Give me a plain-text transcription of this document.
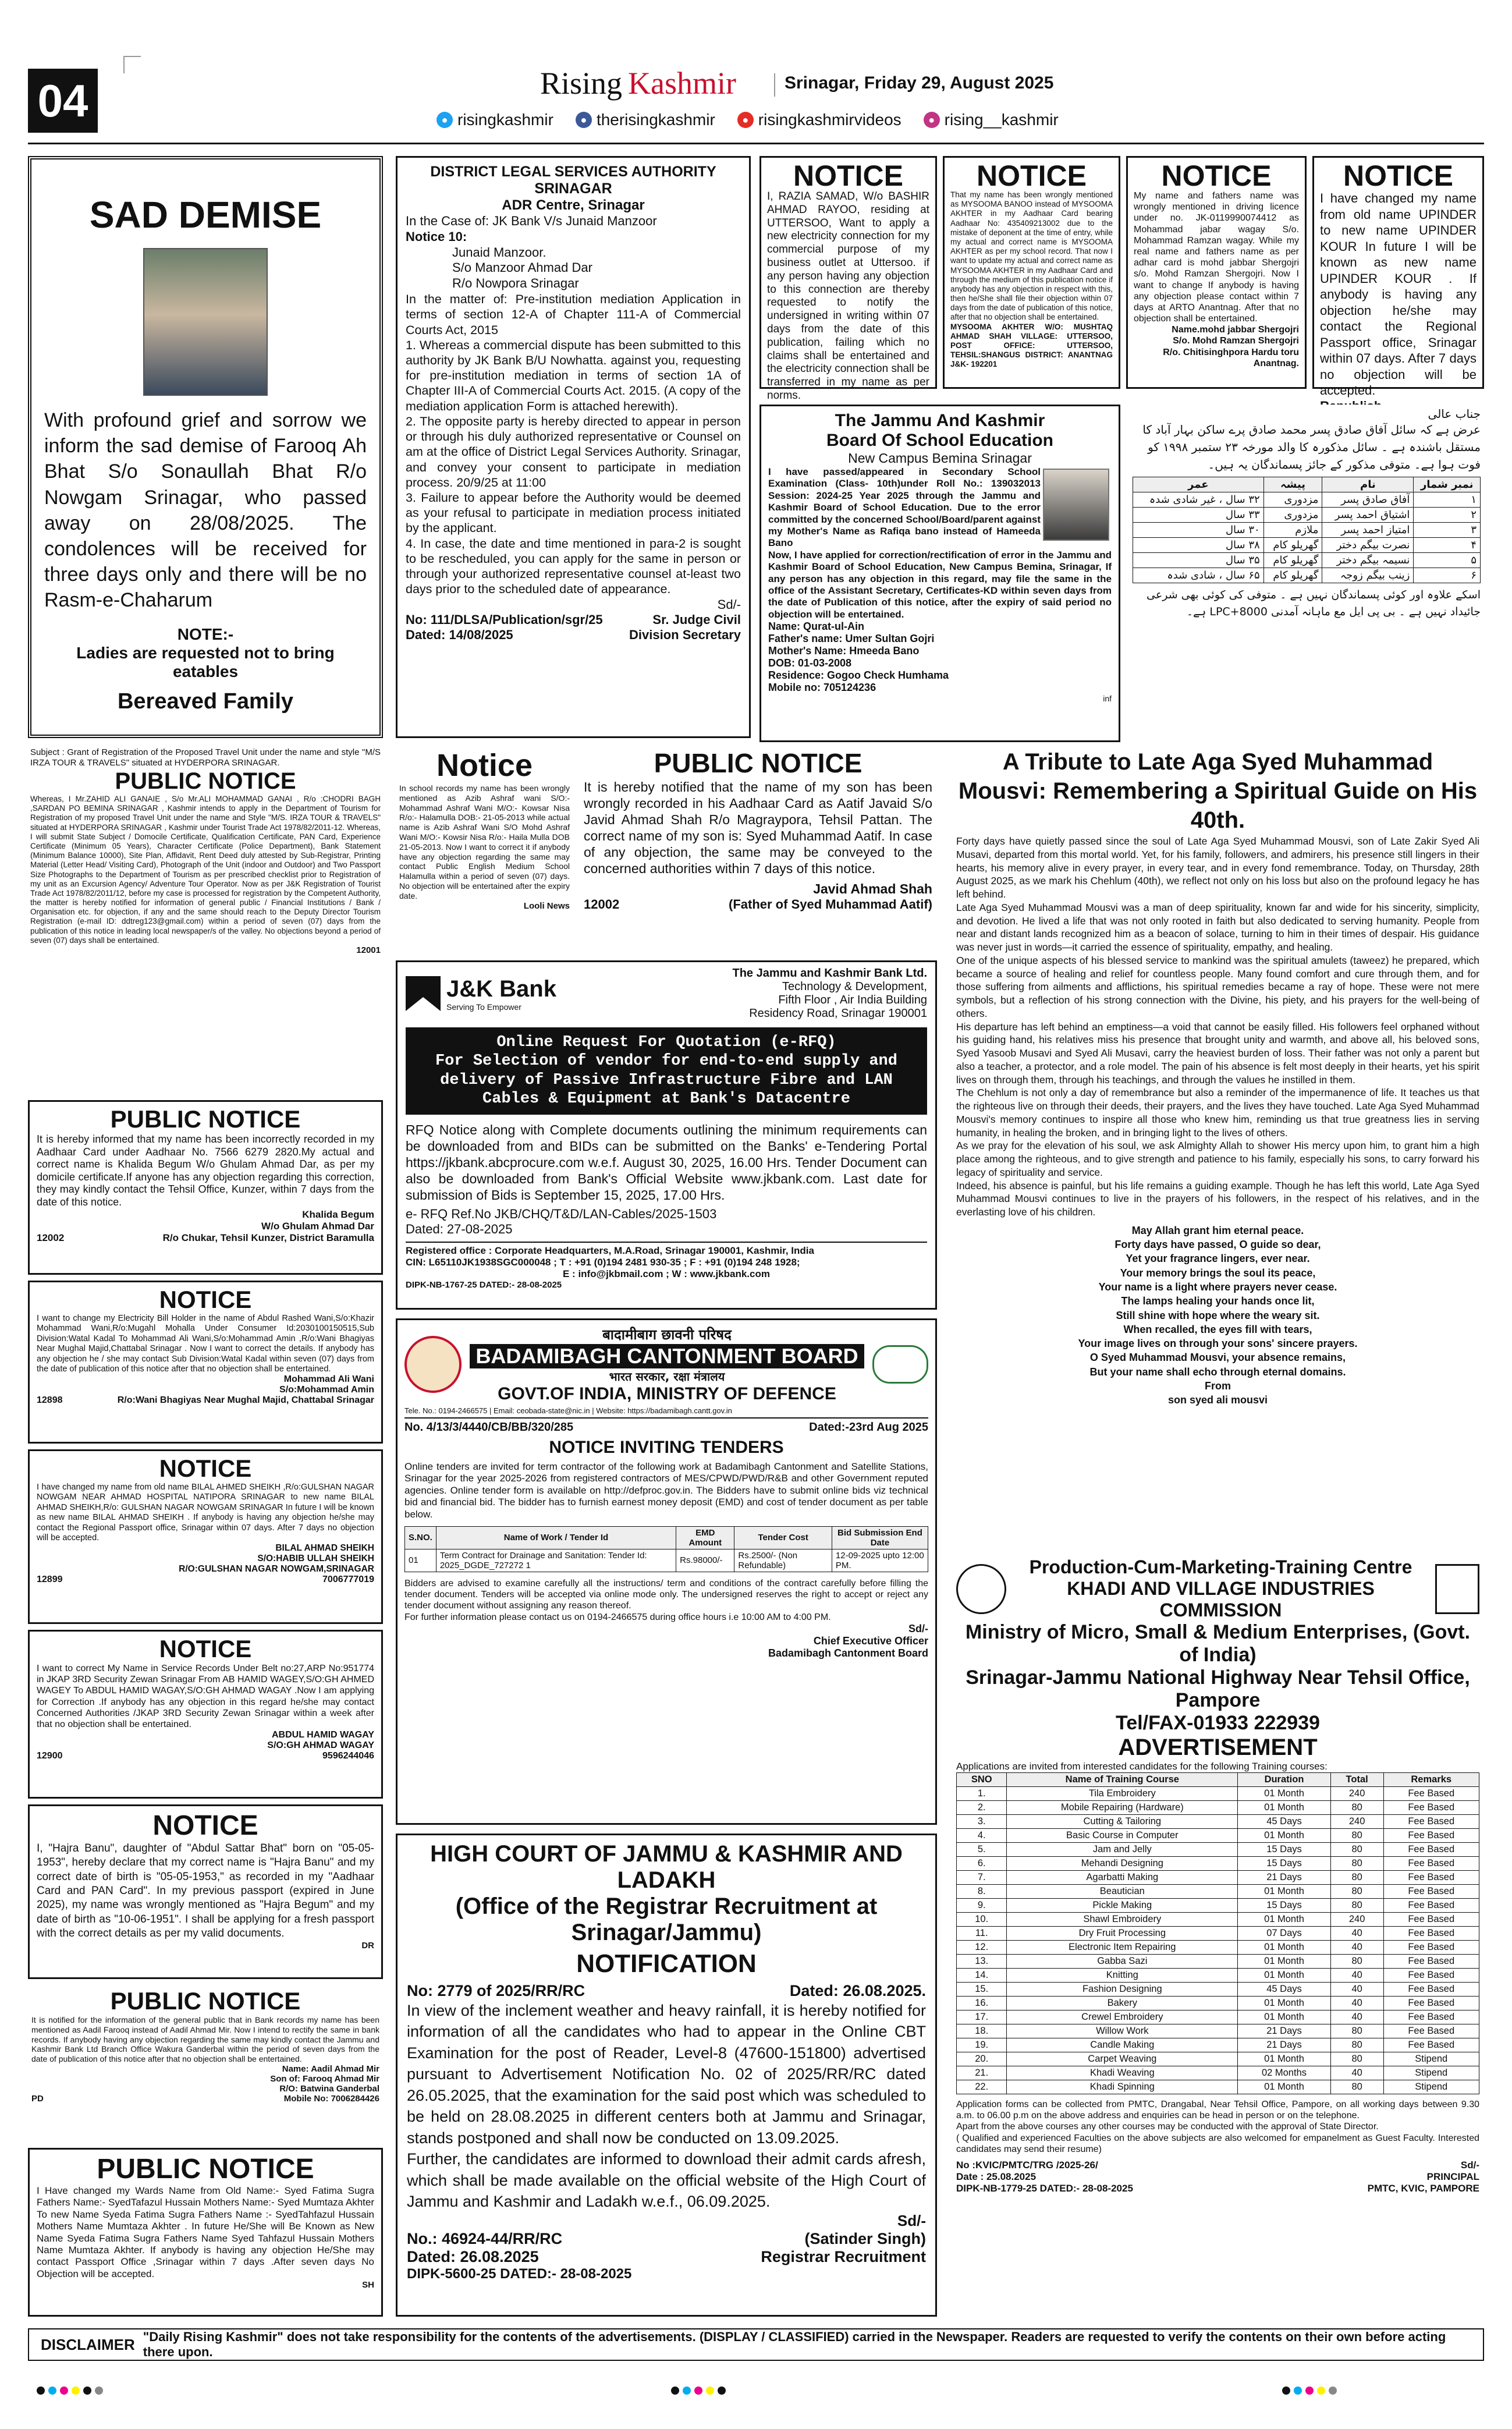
04	Rising Kashmir	Srinagar, Friday 29, August 2025
● risingkashmir	● therisingkashmir	● risingkashmirvideos	● rising__kashmir
SAD DEMISE

With profound grief and sorrow we inform the sad demise of Farooq Ah Bhat S/o Sonaullah Bhat R/o Nowgam Srinagar, who passed away on 28/08/2025. The condolences will be received for three days only and there will be no Rasm-e-Chaharum

NOTE:-
Ladies are requested not to bring eatables
Bereaved Family
DISTRICT LEGAL SERVICES AUTHORITY SRINAGAR
ADR Centre, Srinagar
In the Case of: JK Bank V/s Junaid Manzoor
Notice 10:
Junaid Manzoor.
S/o Manzoor Ahmad Dar
R/o Nowpora Srinagar

In the matter of: Pre-institution mediation Application in terms of section 12-A of Chapter 111-A of Commercial Courts Act, 2015
1. Whereas a commercial dispute has been submitted to this authority by JK Bank B/U Nowhatta. against you, requesting for pre-institution mediation in terms of section 1A of Chapter III-A of Commercial Courts Act. 2015. (A copy of the mediation application Form is attached herewith).
2. The opposite party is hereby directed to appear in person or through his duly authorized representative or Counsel on am at the office of District Legal Services Authority. Srinagar, and convey your consent to participate in mediation process. 20/9/25 at 11:00
3. Failure to appear before the Authority would be deemed as your refusal to participate in mediation process initiated by the applicant.
4. In case, the date and time mentioned in para-2 is sought to be rescheduled, you can apply for the same in person or through your authorized representative counsel at-least two days prior to the scheduled date of appearance.

Sd/-
No: 111/DLSA/Publication/sgr/25
Dated: 14/08/2025
Sr. Judge Civil
Division Secretary
NOTICE

I, RAZIA SAMAD, W/o BASHIR AHMAD RAYOO, residing at UTTERSOO, Want to apply a new electricity connection for my commercial purpose of my business outlet at Uttersoo. if any person having any objection to this connection are thereby requested to notify the undersigned in writing within 07 days from the date of this publication, failing which no claims shall be entertained and the electricity connection shall be transferred in my name as per norms.

NOTICE

That my name has been wrongly mentioned as MYSOOMA BANOO instead of MYSOOMA AKHTER in my Aadhaar Card bearing Aadhaar No: 435409213002 due to the mistake of deponent at the time of entry, while my actual and correct name is MYSOOMA AKHTER as per my school record. That now I want to update my actual and correct name as MYSOOMA AKHTER in my Aadhaar Card and through the medium of this publication notice if anybody has any objection in respect with this, then he/She shall file their objection within 07 days from the date of publication of this notice, after that no objection shall be entertained.

MYSOOMA AKHTER W/O: MUSHTAQ AHMAD SHAH VILLAGE: UTTERSOO, POST OFFICE: UTTERSOO, TEHSIL:SHANGUS DISTRICT: ANANTNAG J&K- 192201

NOTICE

My name and fathers name was wrongly mentioned in driving licence under no. JK-0119990074412 as Mohammad jabar wagay S/o. Mohammad Ramzan wagay. While my real name and fathers name as per adhar card is mohd jabbar Shergojri s/o. Mohd Ramzan Shergojri. Now I want to change If anybody is having any objection please contact within 7 days at ARTO Anantnag. After that no objection shall be entertained.

Name.mohd jabbar Shergojri
S/o. Mohd Ramzan Shergojri
R/o. Chitisinghpora Hardu toru Anantnag.

NOTICE

I have changed my name from old name UPINDER to new name UPINDER KOUR In future I will be known as new name UPINDER KOUR . If anybody is having any objection he/she may contact the Regional Passport office, Srinagar within 07 days. After 7 days no objection will be accepted.

The Jammu And Kashmir
Board Of School Education
New Campus Bemina Srinagar

I have passed/appeared in Secondary School Examination (Class- 10th)under Roll No.: 139032013 Session: 2024-25 Year 2025 through the Jammu and Kashmir Board of School Education. Due to the error committed by the concerned School/Board/parent against my Mother's Name as Rafiqa bano instead of Hameeda Bano
Now, I have applied for correction/rectification of error in the Jammu and Kashmir Board of School Education, New Campus Bemina, Srinagar, If any person has any objection in this regard, may file the same in the office of the Assistant Secretary, Certificates-KD within seven days from the date of Publication of this notice, after the expiry of said period no objection will be entertained.

Name: Qurat-ul-Ain
Father's name: Umer Sultan Gojri
Mother's Name: Hmeeda Bano
DOB: 01-03-2008
Residence: Gogoo Check Humhama
Mobile no: 705124236
inf
جناب عالی

عرض ہے کہ سائل آفاق صادق پسر محمد صادق پرے ساکن بہار آباد کا مستقل باشندہ ہے ۔ سائل مذکورہ کا والد مورخہ ۲۳ ستمبر ۱۹۹۸ کو فوت ہوا ہے۔ متوفی مذکور کے جائز پسماندگان یہ ہیں۔

نمبر شمار	نام	پیشہ	عمر
۱	آفاق صادق پسر	مزدوری	۳۲ سال ، غیر شادی شدہ
۲	اشتیاق احمد پسر	مزدوری	۳۳ سال
۳	امتیاز احمد پسر	ملازم	۳۰ سال
۴	نصرت بیگم دختر	گھریلو کام	۳۸ سال
۵	نسیمہ بیگم دختر	گھریلو کام	۳۵ سال
۶	زینب بیگم زوجہ	گھریلو کام	۶۵ سال ، شادی شدہ

اسکے علاوہ اور کوئی پسماندگان نہیں ہے ۔ متوفی کی کوئی بھی شرعی جائیداد نہیں ہے ۔ بی پی ایل مع ماہانہ آمدنی 8000+LPC ہے۔

Subject : Grant of Registration of the Proposed Travel Unit under the name and style "M/S IRZA TOUR & TRAVELS" situated at HYDERPORA SRINAGAR.

PUBLIC NOTICE

Whereas, I Mr.ZAHID ALI GANAIE , S/o Mr.ALI MOHAMMAD GANAI , R/o :CHODRI BAGH ,SARDAN PO BEMINA SRINAGAR , Kashmir intends to apply in the Department of Tourism for Registration of my proposed Travel Unit under the name and Style "M/S. IRZA TOUR & TRAVELS" situated at HYDERPORA SRINAGAR , Kashmir under Tourist Trade Act 1978/82/2011-12. Whereas, I will submit State Subject / Domocile Certificate, Qualification Certificate, PAN Card, Experience Certificate (Minimum 05 Years), Character Certificate (Police Department), Bank Statement (Minimum Balance 10000), Site Plan, Affidavit, Rent Deed duly attested by Sub-Registrar, Printing Material (Letter Head/ Visiting Card), Photograph of the Unit (indoor and Outdoor) and Two Passport Size Photographs to the Department of Tourism as per prescribed checklist prior to Registration of my unit as an Excursion Agency/ Adventure Tour Operator. Now as per J&K Registration of Tourist Trade Act 1978/82/2011/12, before my case is processed for registration by the Competent Authority, the matter is hereby notified for information of general public / Financial Institutions / Bank / Organisation etc. for objection, if any and the same should reach to the Deputy Director Tourism Registration (e-mail ID: ddtreg123@gmail.com) within a period of seven (07) days from the publication of this notice in leading local newspaper/s of the valley. No objections beyond a period of seven (07) days shall be entertained.

12001
PUBLIC NOTICE

It is hereby informed that my name has been incorrectly recorded in my Aadhaar Card under Aadhaar No. 7566 6279 2820.My actual and correct name is Khalida Begum W/o Ghulam Ahmad Dar, as per my domicile certificate.If anyone has any objection regarding this correction, they may kindly contact the Tehsil Office, Kunzer, within 7 days from the date of this notice.

Khalida Begum
W/o Ghulam Ahmad Dar
12002	R/o Chukar, Tehsil Kunzer, District Baramulla
NOTICE

I want to change my Electricity Bill Holder in the name of Abdul Rashed Wani,S/o:Khazir Mohammad Wani,R/o:Mugahl Mohalla Under Consumer Id:2030100150515,Sub Division:Watal Kadal To Mohammad Ali Wani,S/o:Mohammad Amin ,R/o:Wani Bhagiyas Near Mughal Majid,Chattabal Srinagar . Now I want to correct the details. If anybody has any objection he / she may contact Sub Division:Watal Kadal within seven (07) days from the date of publication of this notice after that no objection shall be entertained.

Mohammad Ali Wani
S/o:Mohammad Amin
12898	R/o:Wani Bhagiyas Near Mughal Majid, Chattabal Srinagar
NOTICE

I have changed my name from old name BILAL AHMED SHEIKH ,R/o:GULSHAN NAGAR NOWGAM NEAR AHMAD HOSPITAL NATIPORA SRINAGAR to new name BILAL AHMAD SHEIKH,R/o: GULSHAN NAGAR NOWGAM SRINAGAR In future I will be known as new name BILAL AHMAD SHEIKH . If anybody is having any objection he/she may contact the Regional Passport office, Srinagar within 07 days. After 7 days no objection will be accepted.

BILAL AHMAD SHEIKH
S/O:HABIB ULLAH SHEIKH
R/O:GULSHAN NAGAR NOWGAM,SRINAGAR
12899	7006777019
NOTICE

I want to correct My Name in Service Records Under Belt no:27,ARP No:951774 in JKAP 3RD Security Zewan Srinagar From AB HAMID WAGEY,S/O:GH AHMED WAGEY To ABDUL HAMID WAGAY,S/O:GH AHMAD WAGAY .Now I am applying for Correction .If anybody has any objection in this regard he/she may contact Concerned Authorities /JKAP 3RD Security Zewan Srinagar within a week after that no objection shall be entertained.

ABDUL HAMID WAGAY
S/O:GH AHMAD WAGAY
12900	9596244046
NOTICE

I, "Hajra Banu", daughter of "Abdul Sattar Bhat" born on "05-05-1953", hereby declare that my correct name is "Hajra Banu" and my correct date of birth is "05-05-1953," as recorded in my "Aadhaar Card and PAN Card". In my previous passport (expired in June 2025), my name was wrongly mentioned as "Hajra Begum" and my date of birth as "10-06-1951". I shall be applying for a fresh passport with the correct details as per my valid documents.

DR
PUBLIC NOTICE

It is notified for the information of the general public that in Bank records my name has been mentioned as Aadil Farooq instead of Aadil Ahmad Mir. Now I intend to rectify the same in bank records. If anybody having any objection regarding the same may kindly contact the Jammu and Kashmir Bank Ltd Branch Office Wakura Ganderbal within the period of seven days from the date of publication of this notice after that no objection shall be entertained.

Name: Aadil Ahmad Mir
Son of: Farooq Ahmad Mir
R/O: Batwina Ganderbal
PD	Mobile No: 7006284426
PUBLIC NOTICE

I Have changed my Wards Name from Old Name:- Syed Fatima Sugra Fathers Name:- SyedTafazul Hussain Mothers Name:- Syed Mumtaza Akhter To new Name Syeda Fatima Sugra Fathers Name :- SyedTahfazul Hussain Mothers Name Mumtaza Akhter . In future He/She will Be Known as New Name Syeda Fatima Sugra Fathers Name Syed Tahfazul Hussain Mothers Name Mumtaza Akhter. If anybody is having any objection He/She may contact Passport Office ,Srinagar within 7 days .After seven days No Objection will be accepted.

SH
Notice

In school records my name has been wrongly mentioned as Azib Ashraf wani S/O:- Mohammad Ashraf Wani M/O:- Kowsar Nisa R/o:- Halamulla DOB:- 21-05-2013 while actual name is Azib Ashraf Wani S/O Mohd Ashraf Wani M/O:- Kowsir Nisa R/o:- Haila Mulla DOB 21-05-2013. Now I want to correct it if anybody have any objection regarding the same may contact Public English Medium School Halamulla within a period of seven (07) days. No objection will be entertained after the expiry date.

Looli News
PUBLIC NOTICE

It is hereby notified that the name of my son has been wrongly recorded in his Aadhaar Card as Aatif Javaid S/o Javid Ahmad Shah R/o Magraypora, Tehsil Pattan. The correct name of my son is: Syed Muhammad Aatif. In case of any objection, the same may be conveyed to the concerned authorities within 7 days of this notice.

Javid Ahmad Shah
12002	(Father of Syed Muhammad Aatif)
J&K Bank
Serving To Empower
The Jammu and Kashmir Bank Ltd.
Technology & Development,
Fifth Floor , Air India Building
Residency Road, Srinagar 190001
Online Request For Quotation (e-RFQ)
For Selection of vendor for end-to-end supply and delivery of Passive Infrastructure Fibre and LAN Cables & Equipment at Bank's Datacentre

RFQ Notice along with Complete documents outlining the minimum requirements can be downloaded from and BIDs can be submitted on the Banks' e-Tendering Portal https://jkbank.abcprocure.com w.e.f. August 30, 2025, 16.00 Hrs. Tender Document can also be downloaded from Bank's Official Website www.jkbank.com. Last date for submission of Bids is September 15, 2025, 17.00 Hrs.

e- RFQ Ref.No JKB/CHQ/T&D/LAN-Cables/2025-1503
Dated: 27-08-2025
Registered office : Corporate Headquarters, M.A.Road, Srinagar 190001, Kashmir, India
CIN: L65110JK1938SGC000048 ; T : +91 (0)194 2481 930-35 ; F : +91 (0)194 248 1928;
E : info@jkbmail.com ; W : www.jkbank.com
DIPK-NB-1767-25 DATED:- 28-08-2025
बादामीबाग छावनी परिषद
BADAMIBAGH CANTONMENT BOARD
भारत सरकार, रक्षा मंत्रालय
GOVT.OF INDIA, MINISTRY OF DEFENCE
Tele. No.: 0194-2466575 | Email: ceobada-state@nic.in | Website: https://badamibagh.cantt.gov.in
No. 4/13/3/4440/CB/BB/320/285	Dated:-23rd Aug 2025
NOTICE INVITING TENDERS

Online tenders are invited for term contractor of the following work at Badamibagh Cantonment and Satellite Stations, Srinagar for the year 2025-2026 from registered contractors of MES/CPWD/PWD/R&B and other Government reputed agencies. Online tender form is available on http://defproc.gov.in. The Bidders have to submit online bids viz technical bid and financial bid. The bidder has to furnish earnest money deposit (EMD) and cost of tender document as per table below.

S.NO.	Name of Work / Tender Id	EMD Amount	Tender Cost	Bid Submission End Date
01	Term Contract for Drainage and Sanitation: Tender Id: 2025_DGDE_727272 1	Rs.98000/-	Rs.2500/- (Non Refundable)	12-09-2025 upto 12:00 PM.

Bidders are advised to examine carefully all the instructions/ term and conditions of the contract carefully before filling the tender document. Tenders will be accepted via online mode only. The undersigned reserves the right to accept or reject any tender document without assigning any reason thereof.
For further information please contact us on 0194-2466575 during office hours i.e 10:00 AM to 4:00 PM.

Sd/-
Chief Executive Officer
Badamibagh Cantonment Board
HIGH COURT OF JAMMU & KASHMIR AND LADAKH
(Office of the Registrar Recruitment at Srinagar/Jammu)
NOTIFICATION
No: 2779 of 2025/RR/RC	Dated: 26.08.2025.

In view of the inclement weather and heavy rainfall, it is hereby notified for information of all the candidates who had to appear in the Online CBT Examination for the post of Reader, Level-8 (47600-151800) advertised pursuant to Advertisement Notification No. 02 of 2025/RR/RC dated 26.05.2025, that the examination for the said post which was scheduled to be held on 28.08.2025 in different centers both at Jammu and Srinagar, stands postponed and shall now be conducted on 13.09.2025.
Further, the candidates are informed to download their admit cards afresh, which shall be made available on the official website of the High Court of Jammu and Kashmir and Ladakh w.e.f., 06.09.2025.

Sd/-
No.: 46924-44/RR/RC
Dated: 26.08.2025
(Satinder Singh)
Registrar Recruitment
DIPK-5600-25 DATED:- 28-08-2025
A Tribute to Late Aga Syed Muhammad Mousvi: Remembering a Spiritual Guide on His 40th.

Forty days have quietly passed since the soul of Late Aga Syed Muhammad Mousvi, son of Late Zakir Syed Ali Musavi, departed from this mortal world. Yet, for his family, followers, and admirers, his presence still lingers in their hearts, his memory alive in every prayer, in every tear, and in every fond remembrance. Today, on Thursday, 28th August 2025, as we mark his Chehlum (40th), we reflect not only on his loss but also on the profound legacy he has left behind.

Late Aga Syed Muhammad Mousvi was a man of deep spirituality, known far and wide for his sincerity, simplicity, and devotion. He lived a life that was not only rooted in faith but also dedicated to serving humanity. People from near and distant lands recognized him as a beacon of solace, turning to him in their times of despair. His guidance was never just in words—it carried the essence of spirituality, empathy, and healing.

One of the unique aspects of his blessed service to mankind was the spiritual amulets (taweez) he prepared, which became a source of healing and relief for countless people. Many found comfort and cure through them, and for those suffering from ailments and afflictions, his spiritual remedies became a ray of hope. These were not mere symbols, but a reflection of his strong connection with the Divine, his piety, and his prayers for the well-being of others.

His departure has left behind an emptiness—a void that cannot be easily filled. His followers feel orphaned without his guiding hand, his relatives miss his presence that brought unity and warmth, and above all, his beloved sons, Syed Yasoob Musavi and Syed Ali Musavi, carry the heaviest burden of loss. Their father was not only a parent but also a teacher, a protector, and a role model. The pain of his absence is felt most deeply in their hearts, yet his spirit lives on through them, through his teachings, and through the values he instilled in them.

The Chehlum is not only a day of remembrance but also a reminder of the impermanence of life. It teaches us that the righteous live on through their deeds, their prayers, and the lives they have touched. Late Aga Syed Muhammad Mousvi's memory continues to inspire all those who knew him, reminding us that true greatness lies in serving humanity, in healing the broken, and in bringing light to the lives of others.

As we pray for the elevation of his soul, we ask Almighty Allah to shower His mercy upon him, to grant him a high place among the righteous, and to give strength and patience to his family, especially his sons, to carry forward his legacy of spirituality and service.

Indeed, his absence is painful, but his life remains a guiding example. Though he has left this world, Late Aga Syed Muhammad Mousvi continues to live in the prayers of his followers, in the respect of his relatives, and in the everlasting love of his children.

May Allah grant him eternal peace.
Forty days have passed, O guide so dear,
Yet your fragrance lingers, ever near.
Your memory brings the soul its peace,
Your name is a light where prayers never cease.
The lamps healing your hands once lit,
Still shine with hope where the weary sit.
When recalled, the eyes fill with tears,
Your image lives on through your sons' sincere prayers.
O Syed Muhammad Mousvi, your absence remains,
But your name shall echo through eternal domains.
From
son syed ali mousvi
Production-Cum-Marketing-Training Centre
KHADI AND VILLAGE INDUSTRIES COMMISSION
Ministry of Micro, Small & Medium Enterprises, (Govt. of India)
Srinagar-Jammu National Highway Near Tehsil Office, Pampore
Tel/FAX-01933 222939
ADVERTISEMENT
Applications are invited from interested candidates for the following Training courses:
SNO	Name of Training Course	Duration	Total	Remarks
1.	Tila Embroidery	01 Month	240	Fee Based
2.	Mobile Repairing (Hardware)	01 Month	80	Fee Based
3.	Cutting & Tailoring	45 Days	240	Fee Based
4.	Basic Course in Computer	01 Month	80	Fee Based
5.	Jam and Jelly	15 Days	80	Fee Based
6.	Mehandi Designing	15 Days	80	Fee Based
7.	Agarbatti Making	21 Days	80	Fee Based
8.	Beautician	01 Month	80	Fee Based
9.	Pickle Making	15 Days	80	Fee Based
10.	Shawl Embroidery	01 Month	240	Fee Based
11.	Dry Fruit Processing	07 Days	40	Fee Based
12.	Electronic Item Repairing	01 Month	40	Fee Based
13.	Gabba Sazi	01 Month	80	Fee Based
14.	Knitting	01 Month	40	Fee Based
15.	Fashion Designing	45 Days	40	Fee Based
16.	Bakery	01 Month	40	Fee Based
17.	Crewel Embroidery	01 Month	40	Fee Based
18.	Willow Work	21 Days	80	Fee Based
19.	Candle Making	21 Days	80	Fee Based
20.	Carpet Weaving	01 Month	80	Stipend
21.	Khadi Weaving	02 Months	40	Stipend
22.	Khadi Spinning	01 Month	80	Stipend

Application forms can be collected from PMTC, Drangabal, Near Tehsil Office, Pampore, on all working days between 9.30 a.m. to 06.00 p.m on the above address and enquiries can be head in person or on the telephone.
Apart from the above courses any other courses may be conducted with the approval of State Director.
( Qualified and experienced Faculties on the above subjects are also welcomed for empanelment as Guest Faculty. Interested candidates may send their resume)

No :KVIC/PMTC/TRG /2025-26/
Date : 25.08.2025
DIPK-NB-1779-25 DATED:- 28-08-2025
Sd/-
PRINCIPAL
PMTC, KVIC, PAMPORE
DISCLAIMER "Daily Rising Kashmir" does not take responsibility for the contents of the advertisements. (DISPLAY / CLASSIFIED) carried in the Newspaper. Readers are requested to verify the contents on their own before acting there upon.
